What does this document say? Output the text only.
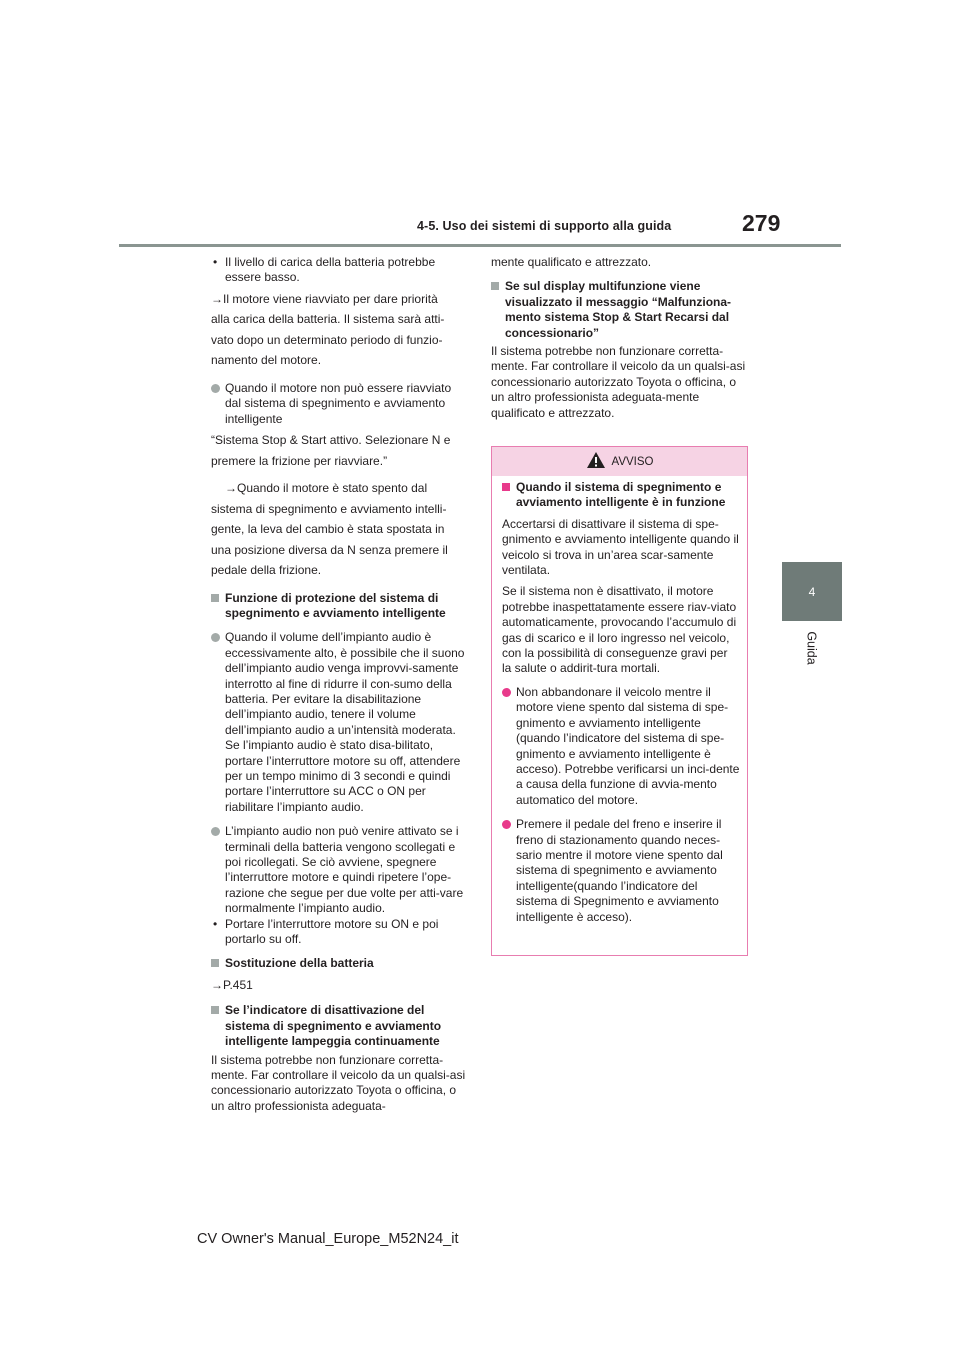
4-5. Uso dei sistemi di supporto alla guida	279
4
Guida

• Il livello di carica della batteria potrebbe essere basso.

→Il motore viene riavviato per dare priorità

alla carica della batteria. Il sistema sarà atti-

vato dopo un determinato periodo di funzio-

namento del motore.

Quando il motore non può essere riavviato dal sistema di spegnimento e avviamento intelligente

“Sistema Stop & Start attivo. Selezionare N e

premere la frizione per riavviare.”

→Quando il motore è stato spento dal

sistema di spegnimento e avviamento intelli-

gente, la leva del cambio è stata spostata in

una posizione diversa da N senza premere il

pedale della frizione.

Funzione di protezione del sistema di spegnimento e avviamento intelligente

Quando il volume dell’impianto audio è eccessivamente alto, è possibile che il suono dell’impianto audio venga improvvi-samente interrotto al fine di ridurre il con-sumo della batteria. Per evitare la disabilitazione dell’impianto audio, tenere il volume dell’impianto audio a un’intensità moderata. Se l’impianto audio è stato disa-bilitato, portare l’interruttore motore su off, attendere per un tempo minimo di 3 secondi e quindi portare l’interruttore su ACC o ON per riabilitare l’impianto audio.

L’impianto audio non può venire attivato se i terminali della batteria vengono scollegati e poi ricollegati. Se ciò avviene, spegnere l’interruttore motore e quindi ripetere l’ope-razione che segue per due volte per atti-vare normalmente l’impianto audio.

• Portare l’interruttore motore su ON e poi portarlo su off.

Sostituzione della batteria

→P.451

Se l’indicatore di disattivazione del sistema di spegnimento e avviamento intelligente lampeggia continuamente

Il sistema potrebbe non funzionare corretta-mente. Far controllare il veicolo da un qualsi-asi concessionario autorizzato Toyota o officina, o un altro professionista adeguata-

mente qualificato e attrezzato.

Se sul display multifunzione viene visualizzato il messaggio “Malfunziona-mento sistema Stop & Start Recarsi dal concessionario”

Il sistema potrebbe non funzionare corretta-mente. Far controllare il veicolo da un qualsi-asi concessionario autorizzato Toyota o officina, o un altro professionista adeguata-mente qualificato e attrezzato.

AVVISO

Quando il sistema di spegnimento e avviamento intelligente è in funzione

Accertarsi di disattivare il sistema di spe-gnimento e avviamento intelligente quando il veicolo si trova in un’area scar-samente ventilata.

Se il sistema non è disattivato, il motore potrebbe inaspettatamente essere riav-viato automaticamente, provocando l’accumulo di gas di scarico e il loro ingresso nel veicolo, con la possibilità di conseguenze gravi per la salute o addirit-tura mortali.

Non abbandonare il veicolo mentre il motore viene spento dal sistema di spe-gnimento e avviamento intelligente (quando l’indicatore del sistema di spe-gnimento e avviamento intelligente è acceso). Potrebbe verificarsi un inci-dente a causa della funzione di avvia-mento automatico del motore.

Premere il pedale del freno e inserire il freno di stazionamento quando neces-sario mentre il motore viene spento dal sistema di spegnimento e avviamento intelligente(quando l’indicatore del sistema di Spegnimento e avviamento intelligente è acceso).

CV Owner's Manual_Europe_M52N24_it
